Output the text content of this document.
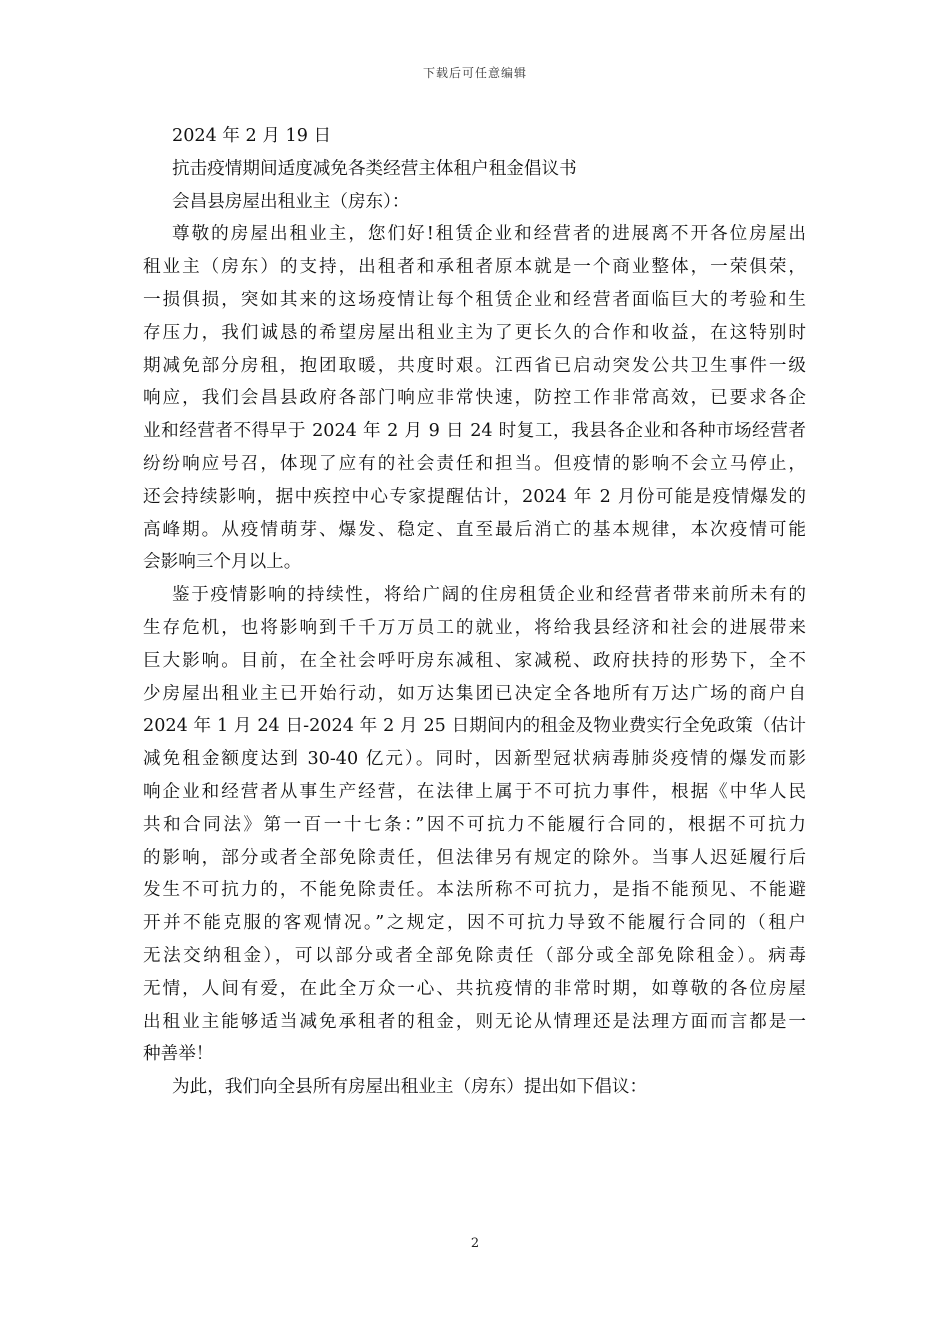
下载后可任意编辑

2024 年 2 月 19 日

抗击疫情期间适度减免各类经营主体租户租金倡议书

会昌县房屋出租业主（房东）：

尊敬的房屋出租业主，您们好!租赁企业和经营者的进展离不开各位房屋出
租业主（房东）的支持，出租者和承租者原本就是一个商业整体，一荣俱荣，
一损俱损，突如其来的这场疫情让每个租赁企业和经营者面临巨大的考验和生
存压力，我们诚恳的希望房屋出租业主为了更长久的合作和收益，在这特别时
期减免部分房租，抱团取暖，共度时艰。江西省已启动突发公共卫生事件一级
响应，我们会昌县政府各部门响应非常快速，防控工作非常高效，已要求各企
业和经营者不得早于 2024 年 2 月 9 日 24 时复工，我县各企业和各种市场经营者
纷纷响应号召，体现了应有的社会责任和担当。但疫情的影响不会立马停止，
还会持续影响，据中疾控中心专家提醒估计，2024 年 2 月份可能是疫情爆发的
高峰期。从疫情萌芽、爆发、稳定、直至最后消亡的基本规律，本次疫情可能
会影响三个月以上。
鉴于疫情影响的持续性，将给广阔的住房租赁企业和经营者带来前所未有的
生存危机，也将影响到千千万万员工的就业，将给我县经济和社会的进展带来
巨大影响。目前，在全社会呼吁房东减租、家减税、政府扶持的形势下，全不
少房屋出租业主已开始行动，如万达集团已决定全各地所有万达广场的商户自
2024 年 1 月 24 日-2024 年 2 月 25 日期间内的租金及物业费实行全免政策（估计
减免租金额度达到 30-40 亿元）。同时，因新型冠状病毒肺炎疫情的爆发而影
响企业和经营者从事生产经营，在法律上属于不可抗力事件，根据《中华人民
共和合同法》第一百一十七条：”因不可抗力不能履行合同的，根据不可抗力
的影响，部分或者全部免除责任，但法律另有规定的除外。当事人迟延履行后
发生不可抗力的，不能免除责任。本法所称不可抗力，是指不能预见、不能避
开并不能克服的客观情况。”之规定，因不可抗力导致不能履行合同的（租户
无法交纳租金），可以部分或者全部免除责任（部分或全部免除租金）。病毒
无情，人间有爱，在此全万众一心、共抗疫情的非常时期，如尊敬的各位房屋
出租业主能够适当减免承租者的租金，则无论从情理还是法理方面而言都是一
种善举！
为此，我们向全县所有房屋出租业主（房东）提出如下倡议：
2
